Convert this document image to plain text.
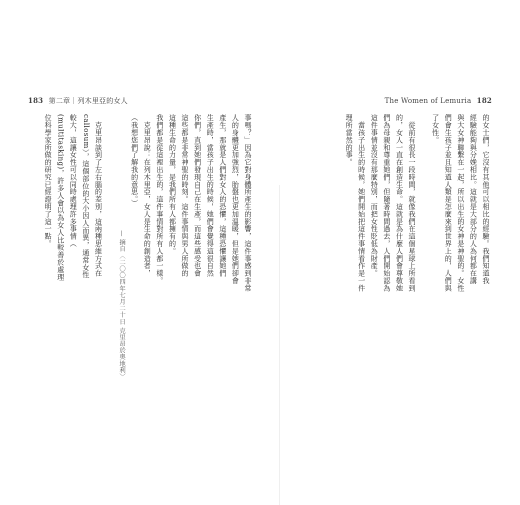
183 第二章｜列木里亞的女人
事嗎？」因為它對身體所產生的影響，這件事感到非常
人的身體更加強烈，胎盤也更加溫暖，但是她們卻會
產生，那就是人們對女人的恐懼，這種恐懼讓她們
生產時，當孩子出生的時候，她們會覺得這很自然
你們，直到她們發現自己在生產，而這些感受也會
這些都是非常神聖的時刻。這件事情與男人所做的
這種生命的力量，是我們所有人都擁有的。
我們都是從這裡出生的，這件事情對所有人都一樣。
　克里昂說：在列木里亞，女人是生命的創造者，
（我想您們了解我的意思。）
　　　　　　　— 摘自〈二〇〇四年七月二十日 克里昂於奧地利〉
　克里昂談到了左右腦的差別，這兩種思維方式在
callosum），這個部位的大小因人而異，通常女性
較大，這讓女性可以同時處理許多事情（
(multitasking)，許多人會以為女人比較善於處理
位科學家所做的研究已經證明了這一點。
The Women of Lemuria 182
的女士們，它沒有其他可以相比的經驗。我們知道我
經驗能夠與分娩相比。這就是大部分的人為何都在講
與大女神聯繫在一起，所以出生的女神是神聖的。女性
們會生孩子並且知道人類是怎麼來到世界上的，人們與
了女性。
　從前有很長一段時間，就像我們在這個星球上所看到
的，女人一直在創造生命。這就是為什麼人們會尊敬她
們為母親和尊重她們，但隨著時間過去，人們開始認為
這件事情並沒有那麼特別，而把女性貶低為財產。
　當孩子出生的時候，她們開始把這件事情看作是一件
理所當然的事。
